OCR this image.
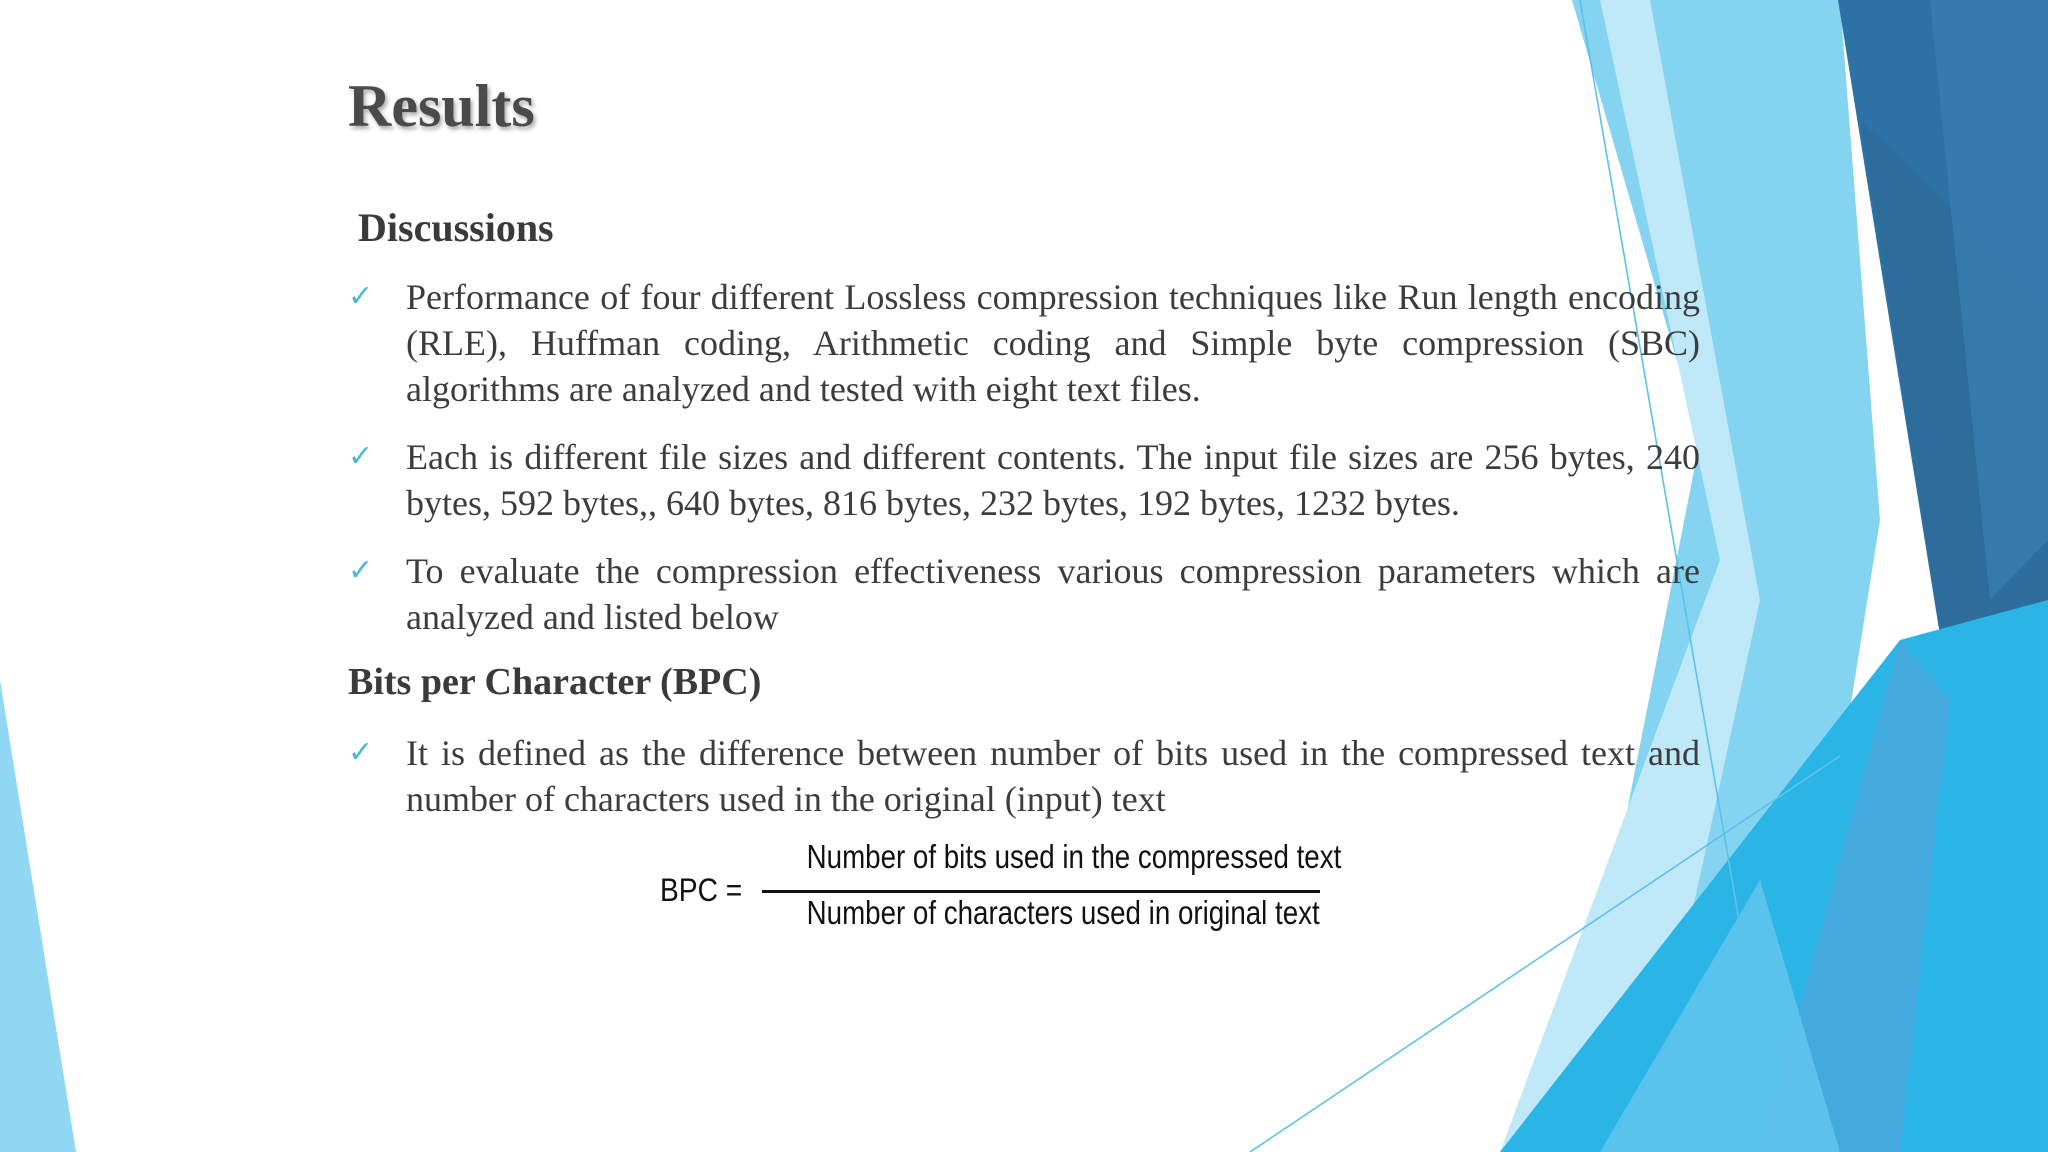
Results
Discussions
✓ Performance of four different Lossless compression techniques like Run length encoding (RLE), Huffman coding, Arithmetic coding and Simple byte compression (SBC) algorithms are analyzed and tested with eight text files.
✓ Each is different file sizes and different contents. The input file sizes are 256 bytes, 240 bytes, 592 bytes,, 640 bytes, 816 bytes, 232 bytes, 192 bytes, 1232 bytes.
✓ To evaluate the compression effectiveness various compression parameters which are analyzed and listed below
Bits per Character (BPC)
✓ It is defined as the difference between number of bits used in the compressed text and number of characters used in the original (input) text
BPC =
Number of bits used in the compressed text
Number of characters used in original text
